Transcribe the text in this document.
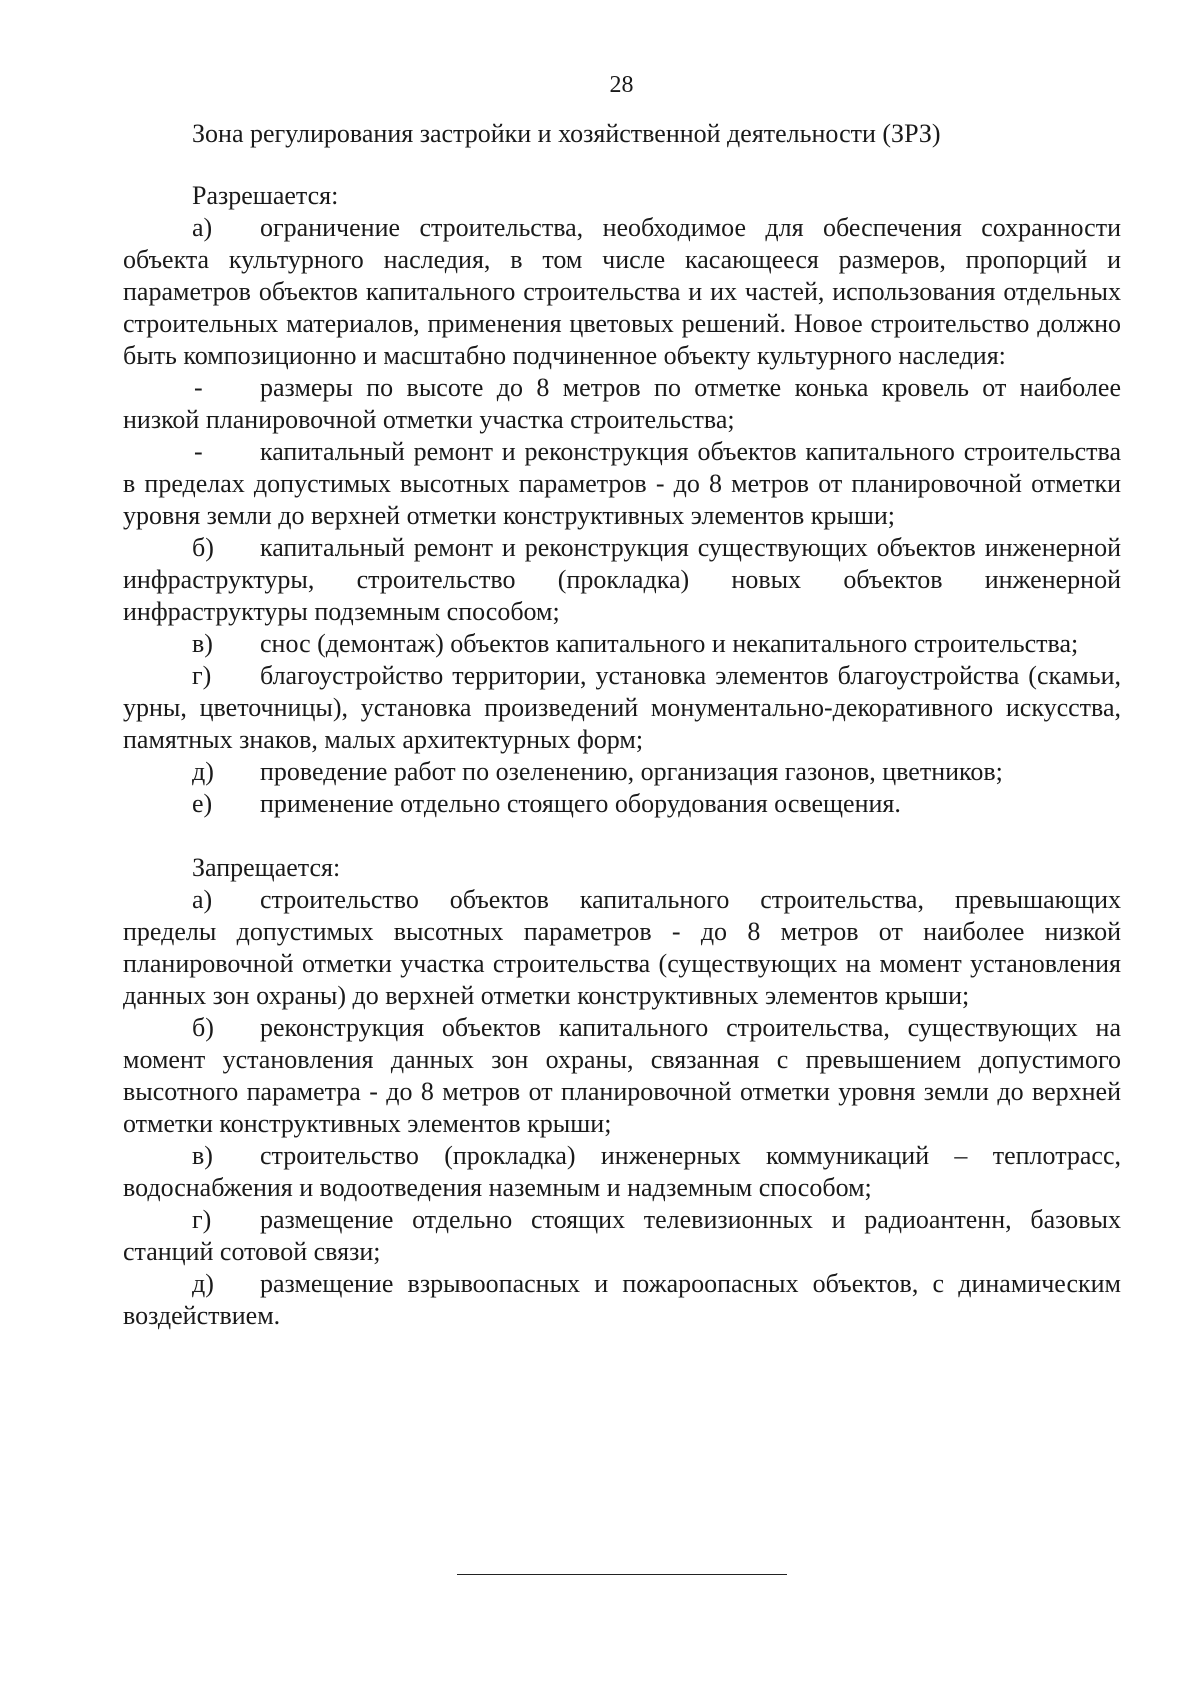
28
Зона регулирования застройки и хозяйственной деятельности (ЗРЗ)
Разрешается:

а) ограничение строительства, необходимое для обеспечения сохранности объекта культурного наследия, в том числе касающееся размеров, пропорций и параметров объектов капитального строительства и их частей, использования отдельных строительных материалов, применения цветовых решений. Новое строительство должно быть композиционно и масштабно подчиненное объекту культурного наследия:

- размеры по высоте до 8 метров по отметке конька кровель от наиболее низкой планировочной отметки участка строительства;

- капитальный ремонт и реконструкция объектов капитального строительства в пределах допустимых высотных параметров - до 8 метров от планировочной отметки уровня земли до верхней отметки конструктивных элементов крыши;

б) капитальный ремонт и реконструкция существующих объектов инженерной инфраструктуры, строительство (прокладка) новых объектов инженерной инфраструктуры подземным способом;

в) снос (демонтаж) объектов капитального и некапитального строительства;

г) благоустройство территории, установка элементов благоустройства (скамьи, урны, цветочницы), установка произведений монументально-декоративного искусства, памятных знаков, малых архитектурных форм;

д) проведение работ по озеленению, организация газонов, цветников;

е) применение отдельно стоящего оборудования освещения.

Запрещается:

а) строительство объектов капитального строительства, превышающих пределы допустимых высотных параметров - до 8 метров от наиболее низкой планировочной отметки участка строительства (существующих на момент установления данных зон охраны) до верхней отметки конструктивных элементов крыши;

б) реконструкция объектов капитального строительства, существующих на момент установления данных зон охраны, связанная с превышением допустимого высотного параметра - до 8 метров от планировочной отметки уровня земли до верхней отметки конструктивных элементов крыши;

в) строительство (прокладка) инженерных коммуникаций – теплотрасс, водоснабжения и водоотведения наземным и надземным способом;

г) размещение отдельно стоящих телевизионных и радиоантенн, базовых станций сотовой связи;

д) размещение взрывоопасных и пожароопасных объектов, с динамическим воздействием.
